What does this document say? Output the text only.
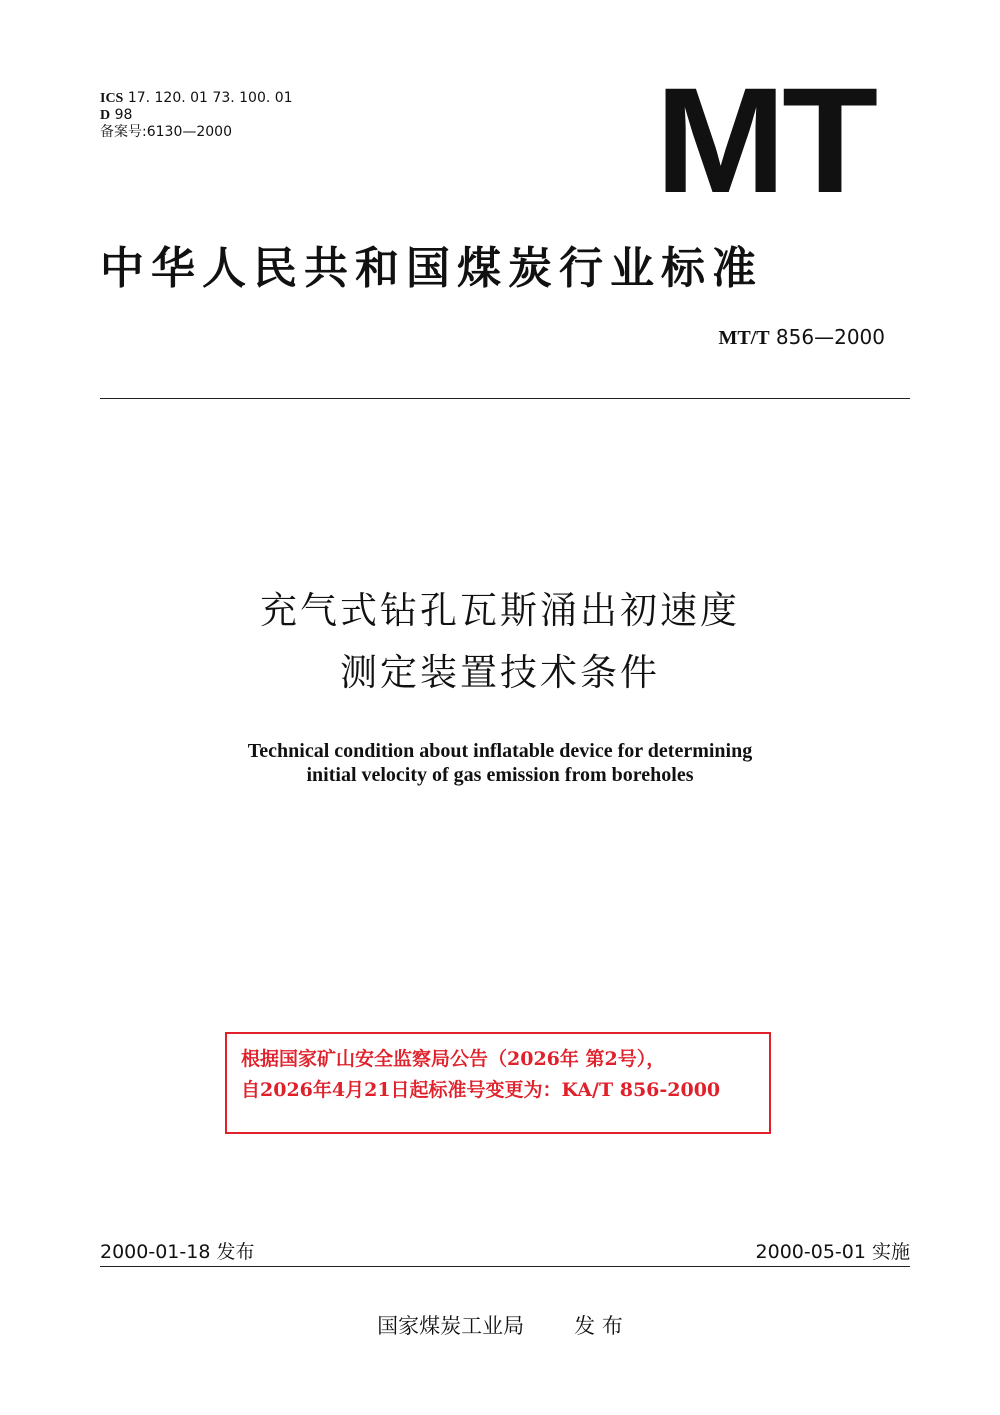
ICS 17. 120. 01 73. 100. 01
D 98
备案号:6130—2000	MT
中华人民共和国煤炭行业标准
MT/T 856—2000
充气式钻孔瓦斯涌出初速度
测定装置技术条件
Technical condition about inflatable device for determining
initial velocity of gas emission from boreholes
根据国家矿山安全监察局公告（2026年 第2号），
自2026年4月21日起标准号变更为：KA/T 856-2000
2000-01-18 发布	2000-05-01 实施
国家煤炭工业局 发 布
